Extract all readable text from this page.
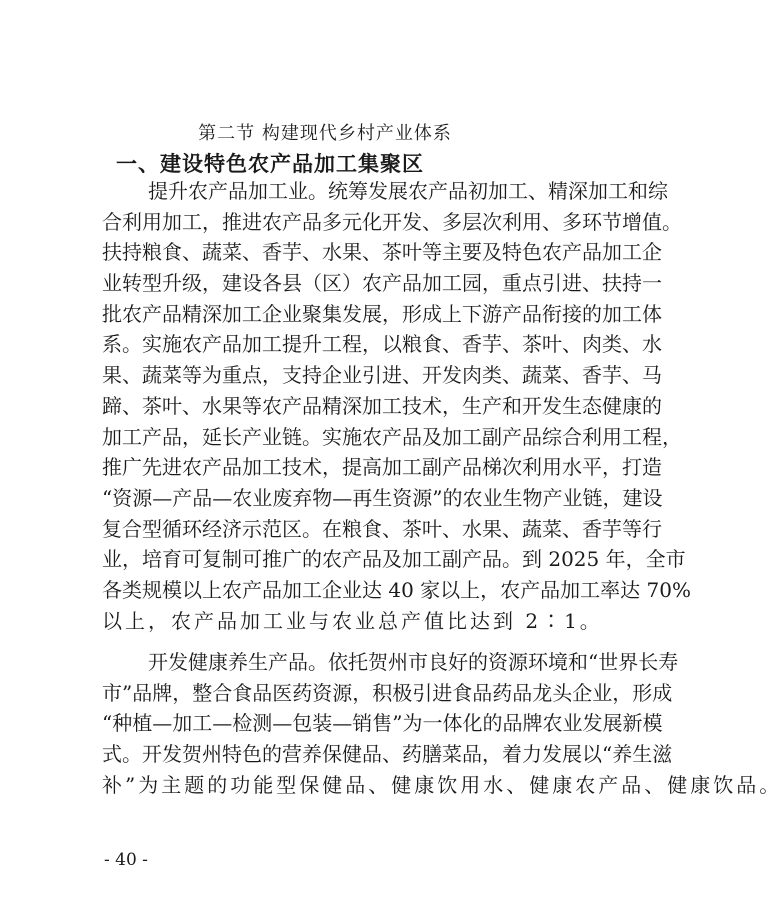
第二节 构建现代乡村产业体系
一、建设特色农产品加工集聚区
提升农产品加工业。统筹发展农产品初加工、精深加工和综
合利用加工，推进农产品多元化开发、多层次利用、多环节增值。
扶持粮食、蔬菜、香芋、水果、茶叶等主要及特色农产品加工企
业转型升级，建设各县（区）农产品加工园，重点引进、扶持一
批农产品精深加工企业聚集发展，形成上下游产品衔接的加工体
系。实施农产品加工提升工程，以粮食、香芋、茶叶、肉类、水
果、蔬菜等为重点，支持企业引进、开发肉类、蔬菜、香芋、马
蹄、茶叶、水果等农产品精深加工技术，生产和开发生态健康的
加工产品，延长产业链。实施农产品及加工副产品综合利用工程，
推广先进农产品加工技术，提高加工副产品梯次利用水平，打造
“资源—产品—农业废弃物—再生资源”的农业生物产业链，建设
复合型循环经济示范区。在粮食、茶叶、水果、蔬菜、香芋等行
业，培育可复制可推广的农产品及加工副产品。到 2025 年，全市
各类规模以上农产品加工企业达 40 家以上，农产品加工率达 70%
以上，农产品加工业与农业总产值比达到 2∶1。
开发健康养生产品。依托贺州市良好的资源环境和“世界长寿
市”品牌，整合食品医药资源，积极引进食品药品龙头企业，形成
“种植—加工—检测—包装—销售”为一体化的品牌农业发展新模
式。开发贺州特色的营养保健品、药膳菜品，着力发展以“养生滋
补”为主题的功能型保健品、健康饮用水、健康农产品、健康饮品。
- 40 -
